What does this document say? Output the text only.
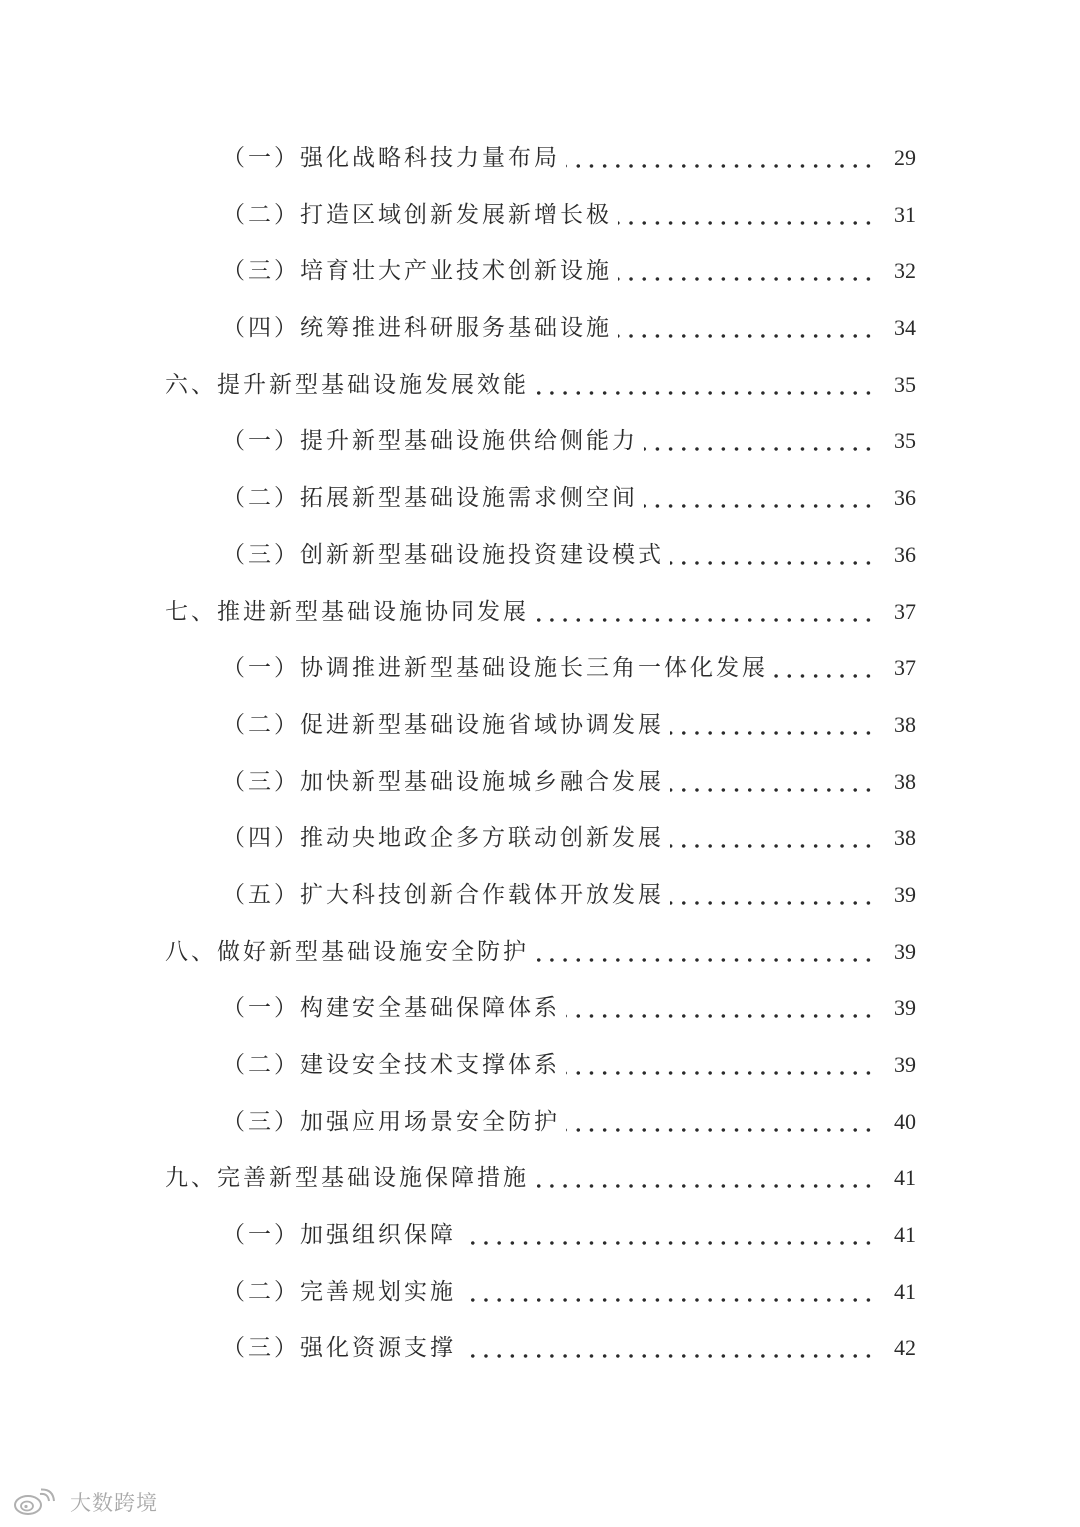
（一）强化战略科技力量布局	29
（二）打造区域创新发展新增长极	31
（三）培育壮大产业技术创新设施	32
（四）统筹推进科研服务基础设施	34
六、提升新型基础设施发展效能	35
（一）提升新型基础设施供给侧能力	35
（二）拓展新型基础设施需求侧空间	36
（三）创新新型基础设施投资建设模式	36
七、推进新型基础设施协同发展	37
（一）协调推进新型基础设施长三角一体化发展	37
（二）促进新型基础设施省域协调发展	38
（三）加快新型基础设施城乡融合发展	38
（四）推动央地政企多方联动创新发展	38
（五）扩大科技创新合作载体开放发展	39
八、做好新型基础设施安全防护	39
（一）构建安全基础保障体系	39
（二）建设安全技术支撑体系	39
（三）加强应用场景安全防护	40
九、完善新型基础设施保障措施	41
（一）加强组织保障	41
（二）完善规划实施	41
（三）强化资源支撑	42
大数跨境
